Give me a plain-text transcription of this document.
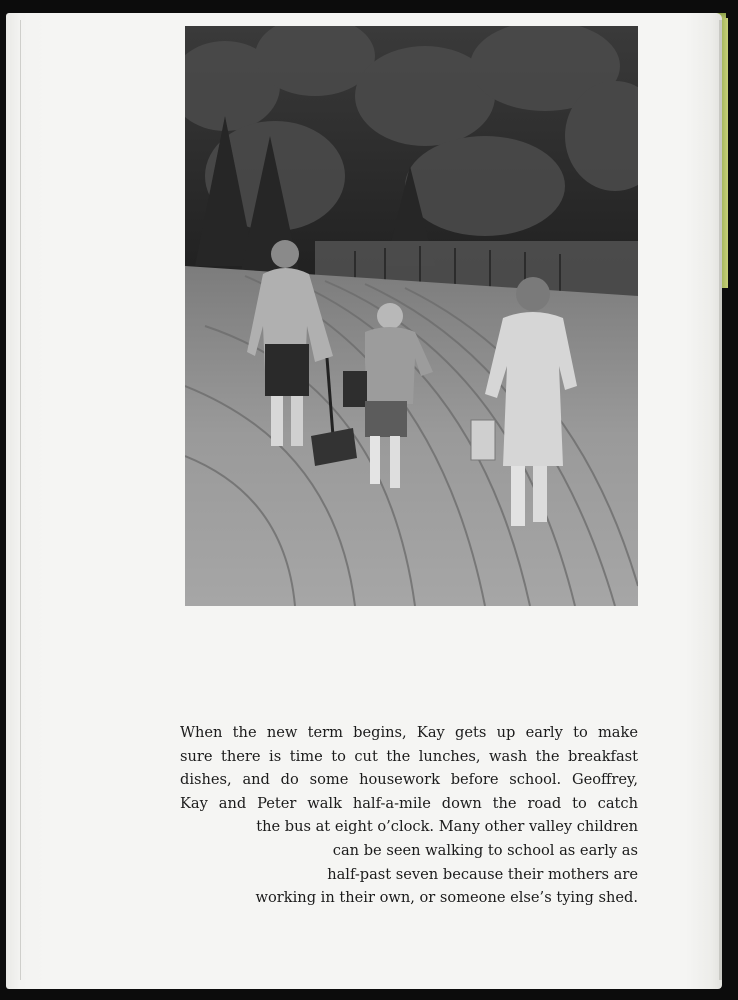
When the new term begins, Kay gets up early to make
sure there is time to cut the lunches, wash the breakfast
dishes, and do some housework before school. Geoffrey,
Kay and Peter walk half-a-mile down the road to catch
the bus at eight o’clock. Many other valley children
can be seen walking to school as early as
half-past seven because their mothers are
working in their own, or someone else’s tying shed.
